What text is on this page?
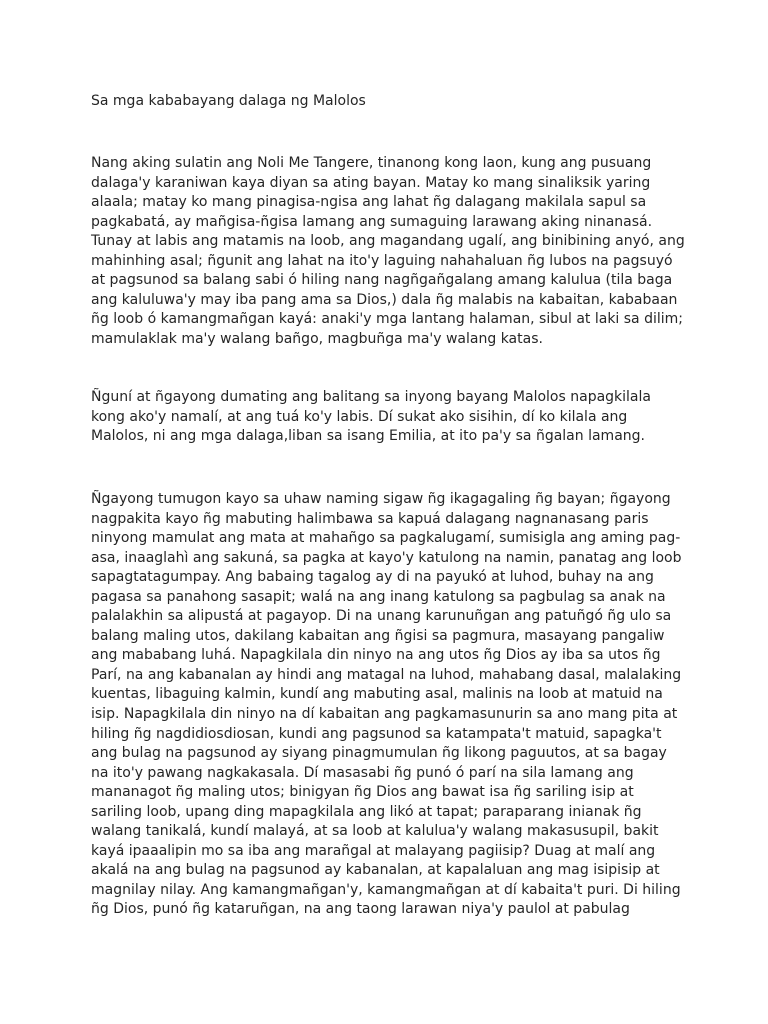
Sa mga kababayang dalaga ng Malolos
Nang aking sulatin ang Noli Me Tangere, tinanong kong laon, kung ang pusuang
dalaga'y karaniwan kaya diyan sa ating bayan. Matay ko mang sinaliksik yaring
alaala; matay ko mang pinagisa-ngisa ang lahat ñg dalagang makilala sapul sa
pagkabatá, ay mañgisa-ñgisa lamang ang sumaguing larawang aking ninanasá.
Tunay at labis ang matamis na loob, ang magandang ugalí, ang binibining anyó, ang
mahinhing asal; ñgunit ang lahat na ito'y laguing nahahaluan ñg lubos na pagsuyó
at pagsunod sa balang sabi ó hiling nang nagñgañgalang amang kalulua (tila baga
ang kaluluwa'y may iba pang ama sa Dios,) dala ñg malabis na kabaitan, kababaan
ñg loob ó kamangmañgan kayá: anaki'y mga lantang halaman, sibul at laki sa dilim;
mamulaklak ma'y walang bañgo, magbuñga ma'y walang katas.
Ñguní at ñgayong dumating ang balitang sa inyong bayang Malolos napagkilala
kong ako'y namalí, at ang tuá ko'y labis. Dí sukat ako sisihin, dí ko kilala ang
Malolos, ni ang mga dalaga,liban sa isang Emilia, at ito pa'y sa ñgalan lamang.
Ñgayong tumugon kayo sa uhaw naming sigaw ñg ikagagaling ñg bayan; ñgayong
nagpakita kayo ñg mabuting halimbawa sa kapuá dalagang nagnanasang paris
ninyong mamulat ang mata at mahañgo sa pagkalugamí, sumisigla ang aming pag-
asa, inaaglahì ang sakuná, sa pagka at kayo'y katulong na namin, panatag ang loob
sapagtatagumpay. Ang babaing tagalog ay di na payukó at luhod, buhay na ang
pagasa sa panahong sasapit; walá na ang inang katulong sa pagbulag sa anak na
palalakhin sa alipustá at pagayop. Di na unang karunuñgan ang patuñgó ñg ulo sa
balang maling utos, dakilang kabaitan ang ñgisi sa pagmura, masayang pangaliw
ang mababang luhá. Napagkilala din ninyo na ang utos ñg Dios ay iba sa utos ñg
Parí, na ang kabanalan ay hindi ang matagal na luhod, mahabang dasal, malalaking
kuentas, libaguing kalmin, kundí ang mabuting asal, malinis na loob at matuid na
isip. Napagkilala din ninyo na dí kabaitan ang pagkamasunurin sa ano mang pita at
hiling ñg nagdidiosdiosan, kundi ang pagsunod sa katampata't matuid, sapagka't
ang bulag na pagsunod ay siyang pinagmumulan ñg likong paguutos, at sa bagay
na ito'y pawang nagkakasala. Dí masasabi ñg punó ó parí na sila lamang ang
mananagot ñg maling utos; binigyan ñg Dios ang bawat isa ñg sariling isip at
sariling loob, upang ding mapagkilala ang likó at tapat; paraparang inianak ñg
walang tanikalá, kundí malayá, at sa loob at kalulua'y walang makasusupil, bakit
kayá ipaaalipin mo sa iba ang marañgal at malayang pagiisip? Duag at malí ang
akalá na ang bulag na pagsunod ay kabanalan, at kapalaluan ang mag isipisip at
magnilay nilay. Ang kamangmañgan'y, kamangmañgan at dí kabaita't puri. Di hiling
ñg Dios, punó ñg kataruñgan, na ang taong larawan niya'y paulol at pabulag
